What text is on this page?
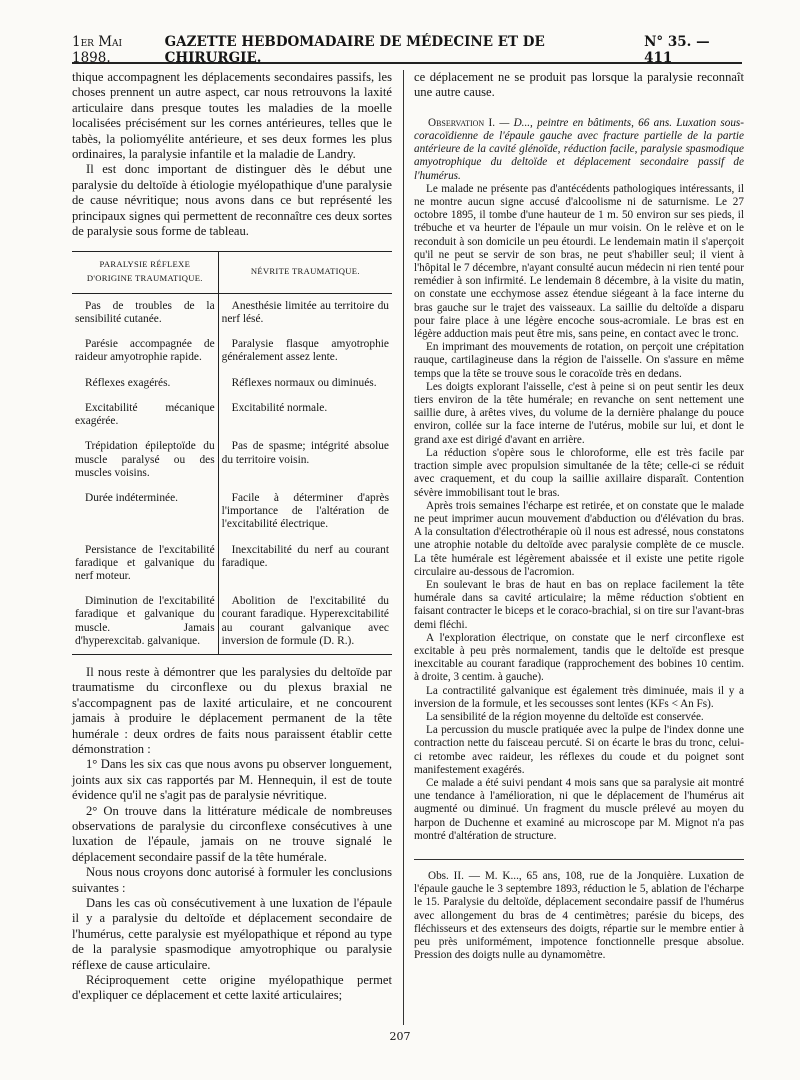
1er Mai 1898.
GAZETTE HEBDOMADAIRE DE MÉDECINE ET DE CHIRURGIE.
N° 35. — 411

thique accompagnent les déplacements secondaires passifs, les choses prennent un autre aspect, car nous retrouvons la laxité articulaire dans presque toutes les maladies de la moelle localisées précisément sur les cornes antérieures, telles que le tabès, la poliomyélite antérieure, et ses deux formes les plus ordinaires, la paralysie infantile et la maladie de Landry.

Il est donc important de distinguer dès le début une paralysie du deltoïde à étiologie myélopathique d'une paralysie de cause névritique; nous avons dans ce but représenté les principaux signes qui permettent de reconnaître ces deux sortes de paralysie sous forme de tableau.

PARALYSIE RÉFLEXE D'ORIGINE TRAUMATIQUE.	NÉVRITE TRAUMATIQUE.
Pas de troubles de la sensibilité cutanée.	Anesthésie limitée au territoire du nerf lésé.
Parésie accompagnée de raideur amyotrophie rapide.	Paralysie flasque amyotrophie généralement assez lente.
Réflexes exagérés.	Réflexes normaux ou diminués.
Excitabilité mécanique exagérée.	Excitabilité normale.
Trépidation épileptoïde du muscle paralysé ou des muscles voisins.	Pas de spasme; intégrité absolue du territoire voisin.
Durée indéterminée.	Facile à déterminer d'après l'importance de l'altération de l'excitabilité électrique.
Persistance de l'excitabilité faradique et galvanique du nerf moteur.	Inexcitabilité du nerf au courant faradique.
Diminution de l'excitabilité faradique et galvanique du muscle. Jamais d'hyperexcitab. galvanique.	Abolition de l'excitabilité du courant faradique. Hyperexcitabilité au courant galvanique avec inversion de formule (D. R.).

Il nous reste à démontrer que les paralysies du deltoïde par traumatisme du circonflexe ou du plexus braxial ne s'accompagnent pas de laxité articulaire, et ne concourent jamais à produire le déplacement permanent de la tête humérale : deux ordres de faits nous paraissent établir cette démonstration :

1° Dans les six cas que nous avons pu observer longuement, joints aux six cas rapportés par M. Hennequin, il est de toute évidence qu'il ne s'agit pas de paralysie névritique.

2° On trouve dans la littérature médicale de nombreuses observations de paralysie du circonflexe consécutives à une luxation de l'épaule, jamais on ne trouve signalé le déplacement secondaire passif de la tête humérale.

Nous nous croyons donc autorisé à formuler les conclusions suivantes :

Dans les cas où consécutivement à une luxation de l'épaule il y a paralysie du deltoïde et déplacement secondaire de l'humérus, cette paralysie est myélopathique et répond au type de la paralysie spasmodique amyotrophique ou paralysie réflexe de cause articulaire.

Réciproquement cette origine myélopathique permet d'expliquer ce déplacement et cette laxité articulaires;

ce déplacement ne se produit pas lorsque la paralysie reconnaît une autre cause.

Observation I. — D..., peintre en bâtiments, 66 ans. Luxation sous-coracoïdienne de l'épaule gauche avec fracture partielle de la partie antérieure de la cavité glénoïde, réduction facile, paralysie spasmodique amyotrophique du deltoïde et déplacement secondaire passif de l'humérus.

Le malade ne présente pas d'antécédents pathologiques intéressants, il ne montre aucun signe accusé d'alcoolisme ni de saturnisme. Le 27 octobre 1895, il tombe d'une hauteur de 1 m. 50 environ sur ses pieds, il trébuche et va heurter de l'épaule un mur voisin. On le relève et on le reconduit à son domicile un peu étourdi. Le lendemain matin il s'aperçoit qu'il ne peut se servir de son bras, ne peut s'habiller seul; il vient à l'hôpital le 7 décembre, n'ayant consulté aucun médecin ni rien tenté pour remédier à son infirmité. Le lendemain 8 décembre, à la visite du matin, on constate une ecchymose assez étendue siégeant à la face interne du bras gauche sur le trajet des vaisseaux. La saillie du deltoïde a disparu pour faire place à une légère encoche sous-acromiale. Le bras est en légère adduction mais peut être mis, sans peine, en contact avec le tronc.

En imprimant des mouvements de rotation, on perçoit une crépitation rauque, cartilagineuse dans la région de l'aisselle. On s'assure en même temps que la tête se trouve sous le coracoïde très en dedans.

Les doigts explorant l'aisselle, c'est à peine si on peut sentir les deux tiers environ de la tête humérale; en revanche on sent nettement une saillie dure, à arêtes vives, du volume de la dernière phalange du pouce environ, collée sur la face interne de l'utérus, mobile sur lui, et dont le grand axe est dirigé d'avant en arrière.

La réduction s'opère sous le chloroforme, elle est très facile par traction simple avec propulsion simultanée de la tête; celle-ci se réduit avec craquement, et du coup la saillie axillaire disparaît. Contention sévère immobilisant tout le bras.

Après trois semaines l'écharpe est retirée, et on constate que le malade ne peut imprimer aucun mouvement d'abduction ou d'élévation du bras. A la consultation d'électrothérapie où il nous est adressé, nous constatons une atrophie notable du deltoïde avec paralysie complète de ce muscle. La tête humérale est légèrement abaissée et il existe une petite rigole circulaire au-dessous de l'acromion.

En soulevant le bras de haut en bas on replace facilement la tête humérale dans sa cavité articulaire; la même réduction s'obtient en faisant contracter le biceps et le coraco-brachial, si on tire sur l'avant-bras demi fléchi.

A l'exploration électrique, on constate que le nerf circonflexe est excitable à peu près normalement, tandis que le deltoïde est presque inexcitable au courant faradique (rapprochement des bobines 10 centim. à droite, 3 centim. à gauche).

La contractilité galvanique est également très diminuée, mais il y a inversion de la formule, et les secousses sont lentes (KFs < An Fs).

La sensibilité de la région moyenne du deltoïde est conservée.

La percussion du muscle pratiquée avec la pulpe de l'index donne une contraction nette du faisceau percuté. Si on écarte le bras du tronc, celui-ci retombe avec raideur, les réflexes du coude et du poignet sont manifestement exagérés.

Ce malade a été suivi pendant 4 mois sans que sa paralysie ait montré une tendance à l'amélioration, ni que le déplacement de l'humérus ait augmenté ou diminué. Un fragment du muscle prélevé au moyen du harpon de Duchenne et examiné au microscope par M. Mignot n'a pas montré d'altération de structure.

Obs. II. — M. K..., 65 ans, 108, rue de la Jonquière. Luxation de l'épaule gauche le 3 septembre 1893, réduction le 5, ablation de l'écharpe le 15. Paralysie du deltoïde, déplacement secondaire passif de l'humérus avec allongement du bras de 4 centimètres; parésie du biceps, des fléchisseurs et des extenseurs des doigts, répartie sur le membre entier à peu près uniformément, impotence fonctionnelle presque absolue. Pression des doigts nulle au dynamomètre.

207
